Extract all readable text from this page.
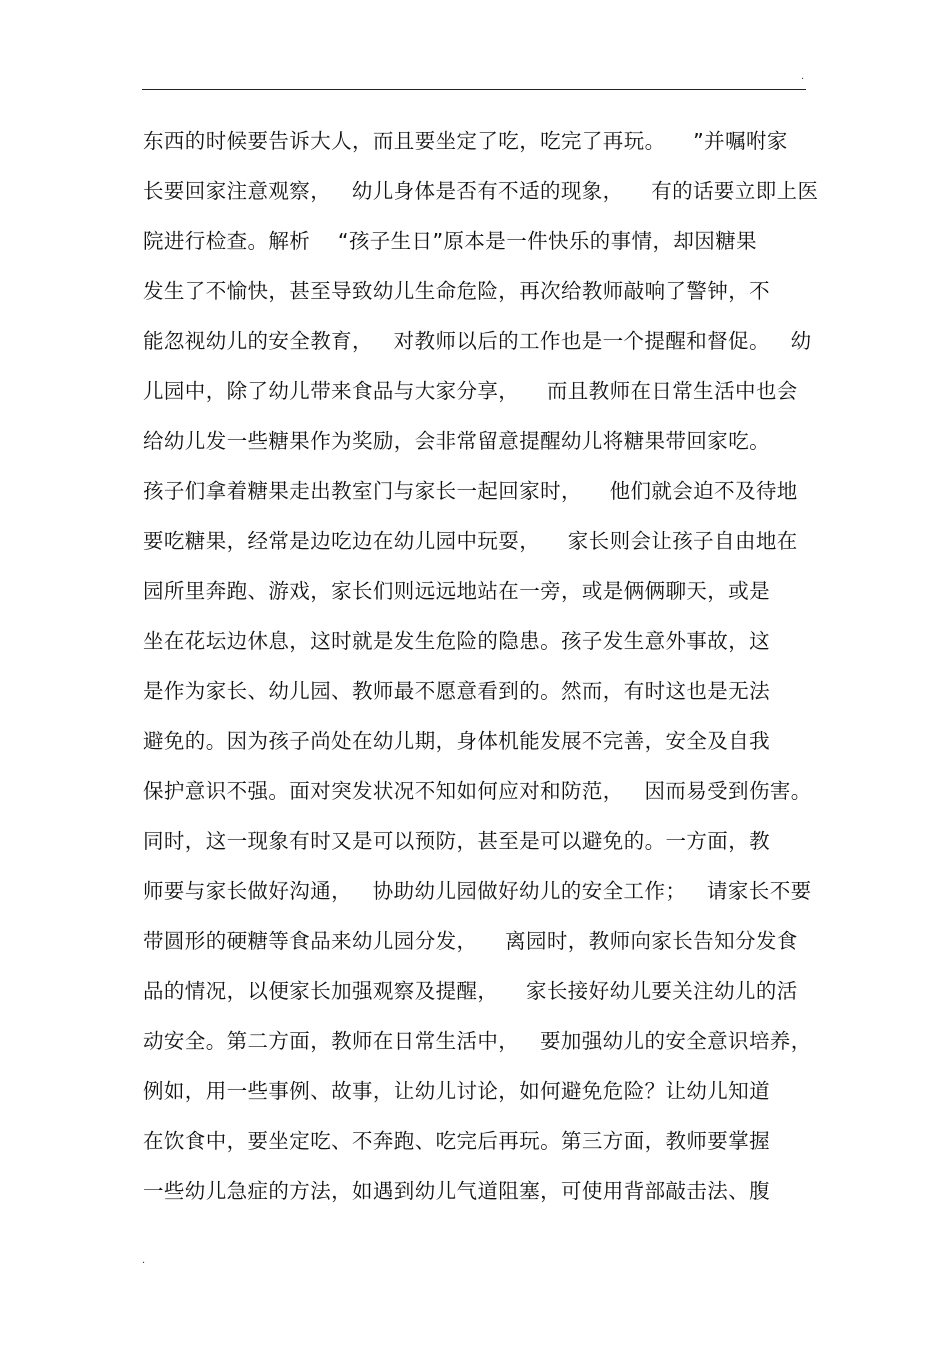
.
东西的时候要告诉大人，而且要坐定了吃，吃完了再玩。    ”并嘱咐家
长要回家注意观察，   幼儿身体是否有不适的现象，    有的话要立即上医
院进行检查。解析    “孩子生日”原本是一件快乐的事情，却因糖果
发生了不愉快，甚至导致幼儿生命危险，再次给教师敲响了警钟，不
能忽视幼儿的安全教育，   对教师以后的工作也是一个提醒和督促。   幼
儿园中，除了幼儿带来食品与大家分享，    而且教师在日常生活中也会
给幼儿发一些糖果作为奖励，会非常留意提醒幼儿将糖果带回家吃。
孩子们拿着糖果走出教室门与家长一起回家时，    他们就会迫不及待地
要吃糖果，经常是边吃边在幼儿园中玩耍，    家长则会让孩子自由地在
园所里奔跑、游戏，家长们则远远地站在一旁，或是俩俩聊天，或是
坐在花坛边休息，这时就是发生危险的隐患。孩子发生意外事故，这
是作为家长、幼儿园、教师最不愿意看到的。然而，有时这也是无法
避免的。因为孩子尚处在幼儿期，身体机能发展不完善，安全及自我
保护意识不强。面对突发状况不知如何应对和防范，   因而易受到伤害。
同时，这一现象有时又是可以预防，甚至是可以避免的。一方面，教
师要与家长做好沟通，   协助幼儿园做好幼儿的安全工作；   请家长不要
带圆形的硬糖等食品来幼儿园分发，    离园时，教师向家长告知分发食
品的情况，以便家长加强观察及提醒，    家长接好幼儿要关注幼儿的活
动安全。第二方面，教师在日常生活中，   要加强幼儿的安全意识培养，
例如，用一些事例、故事，让幼儿讨论，如何避免危险？让幼儿知道
在饮食中，要坐定吃、不奔跑、吃完后再玩。第三方面，教师要掌握
一些幼儿急症的方法，如遇到幼儿气道阻塞，可使用背部敲击法、腹
.
